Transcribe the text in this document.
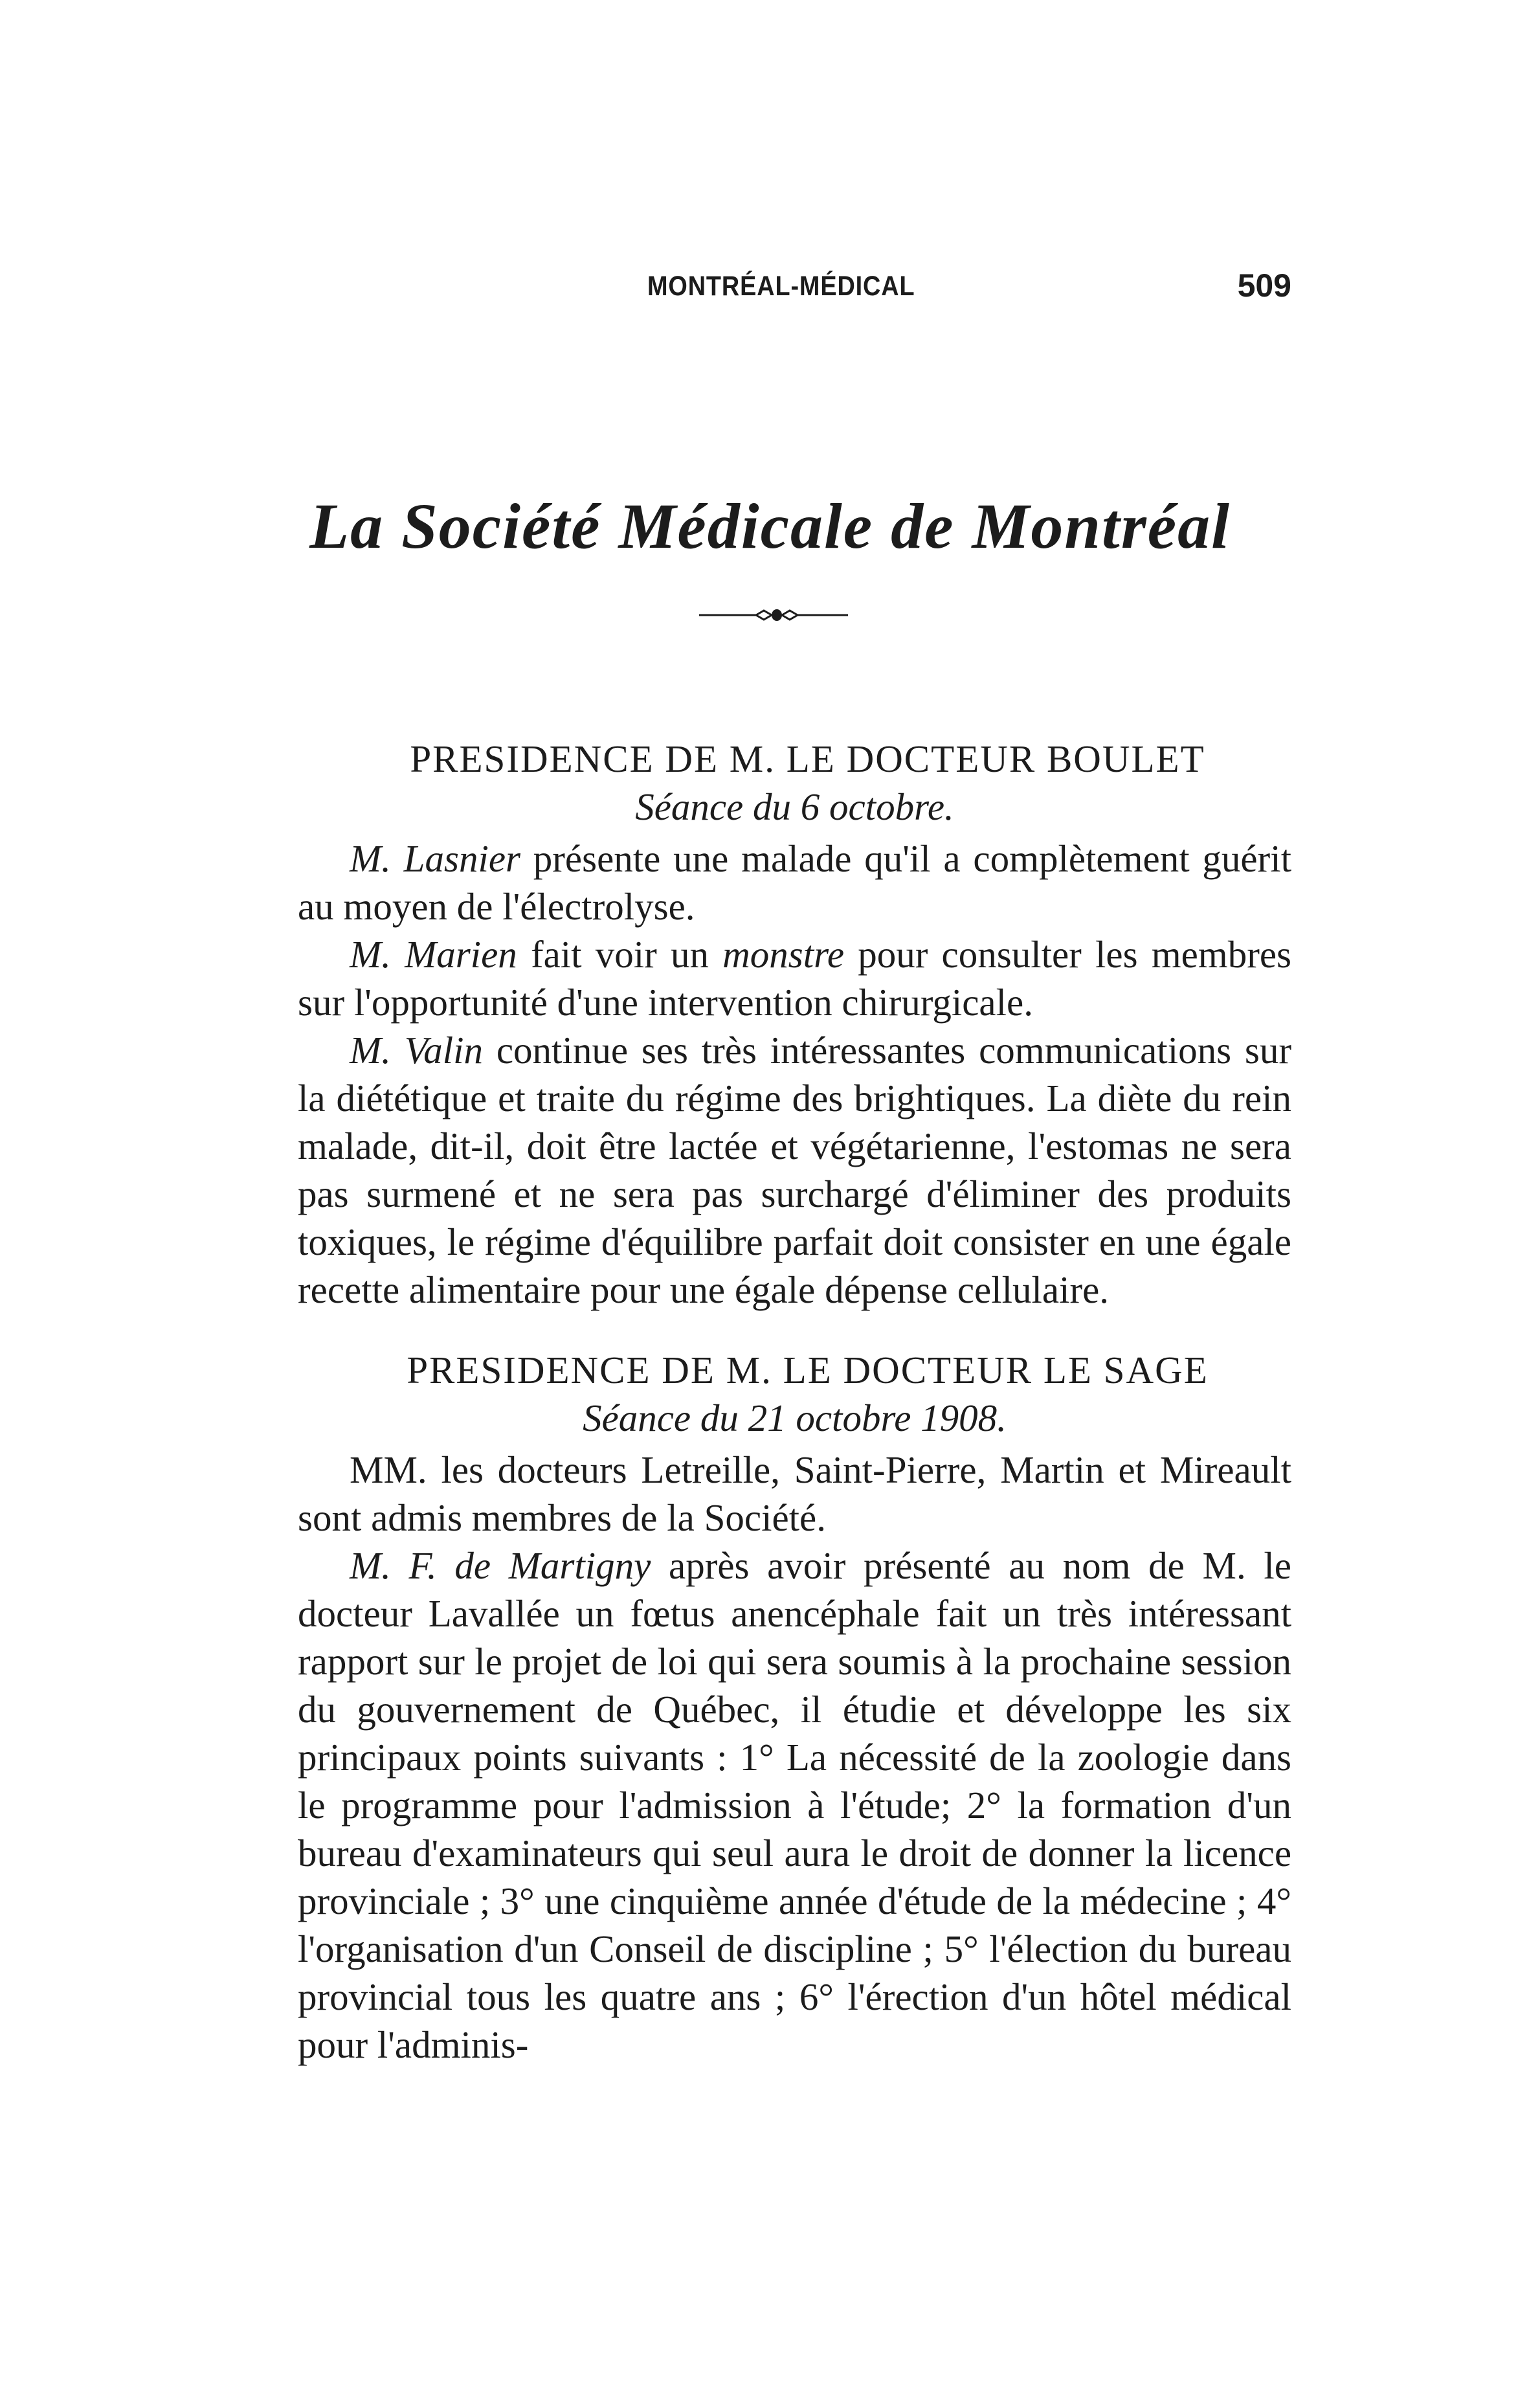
MONTRÉAL-MÉDICAL	509
La Société Médicale de Montréal
PRESIDENCE DE M. LE DOCTEUR BOULET
Séance du 6 octobre.

M. Lasnier présente une malade qu'il a complètement guérit au moyen de l'électrolyse.

M. Marien fait voir un monstre pour consulter les membres sur l'opportunité d'une intervention chirurgicale.

M. Valin continue ses très intéressantes communications sur la diététique et traite du régime des brightiques. La diète du rein malade, dit-il, doit être lactée et végétarienne, l'estomas ne sera pas surmené et ne sera pas surchargé d'éliminer des produits toxiques, le régime d'équilibre parfait doit consister en une égale recette alimentaire pour une égale dépense cellulaire.

PRESIDENCE DE M. LE DOCTEUR LE SAGE
Séance du 21 octobre 1908.

MM. les docteurs Letreille, Saint-Pierre, Martin et Mireault sont admis membres de la Société.

M. F. de Martigny après avoir présenté au nom de M. le docteur Lavallée un fœtus anencéphale fait un très intéressant rapport sur le projet de loi qui sera soumis à la prochaine session du gouvernement de Québec, il étudie et développe les six principaux points suivants : 1° La nécessité de la zoologie dans le programme pour l'admission à l'étude; 2° la formation d'un bureau d'examinateurs qui seul aura le droit de donner la licence provinciale ; 3° une cinquième année d'étude de la médecine ; 4° l'organisation d'un Conseil de discipline ; 5° l'élection du bureau provincial tous les quatre ans ; 6° l'érection d'un hôtel médical pour l'adminis-
